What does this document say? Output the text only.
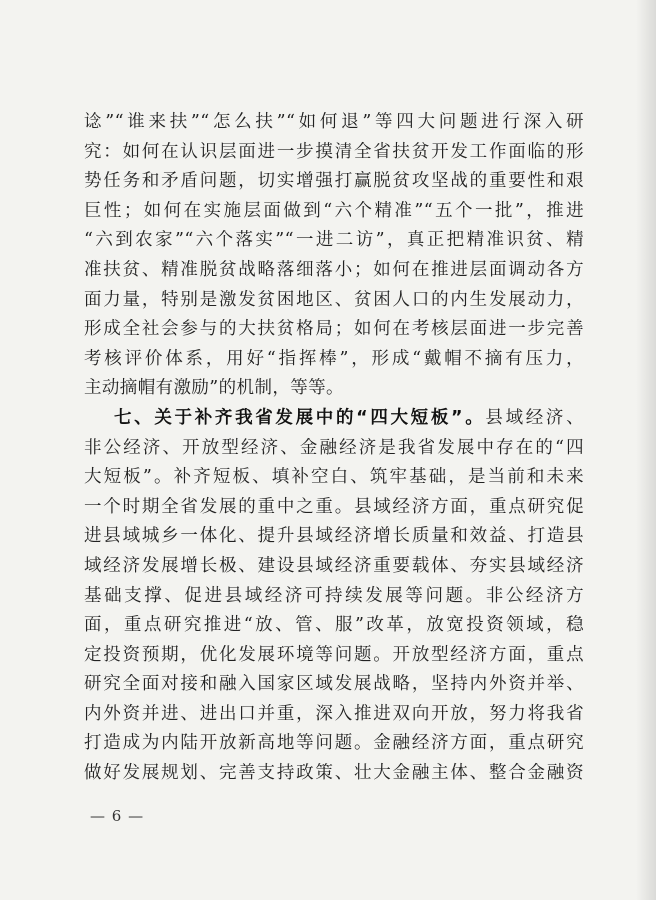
谂”“谁来扶”“怎么扶”“如何退”等四大问题进行深入研
究：如何在认识层面进一步摸清全省扶贫开发工作面临的形
势任务和矛盾问题，切实增强打赢脱贫攻坚战的重要性和艰
巨性；如何在实施层面做到“六个精准”“五个一批”，推进
“六到农家”“六个落实”“一进二访”，真正把精准识贫、精
准扶贫、精准脱贫战略落细落小；如何在推进层面调动各方
面力量，特别是激发贫困地区、贫困人口的内生发展动力，
形成全社会参与的大扶贫格局；如何在考核层面进一步完善
考核评价体系，用好“指挥棒”，形成“戴帽不摘有压力，
主动摘帽有激励”的机制，等等。
七、关于补齐我省发展中的“四大短板”。县域经济、
非公经济、开放型经济、金融经济是我省发展中存在的“四
大短板”。补齐短板、填补空白、筑牢基础，是当前和未来
一个时期全省发展的重中之重。县域经济方面，重点研究促
进县域城乡一体化、提升县域经济增长质量和效益、打造县
域经济发展增长极、建设县域经济重要载体、夯实县域经济
基础支撑、促进县域经济可持续发展等问题。非公经济方
面，重点研究推进“放、管、服”改革，放宽投资领域，稳
定投资预期，优化发展环境等问题。开放型经济方面，重点
研究全面对接和融入国家区域发展战略，坚持内外资并举、
内外资并进、进出口并重，深入推进双向开放，努力将我省
打造成为内陆开放新高地等问题。金融经济方面，重点研究
做好发展规划、完善支持政策、壮大金融主体、整合金融资
— 6 —
